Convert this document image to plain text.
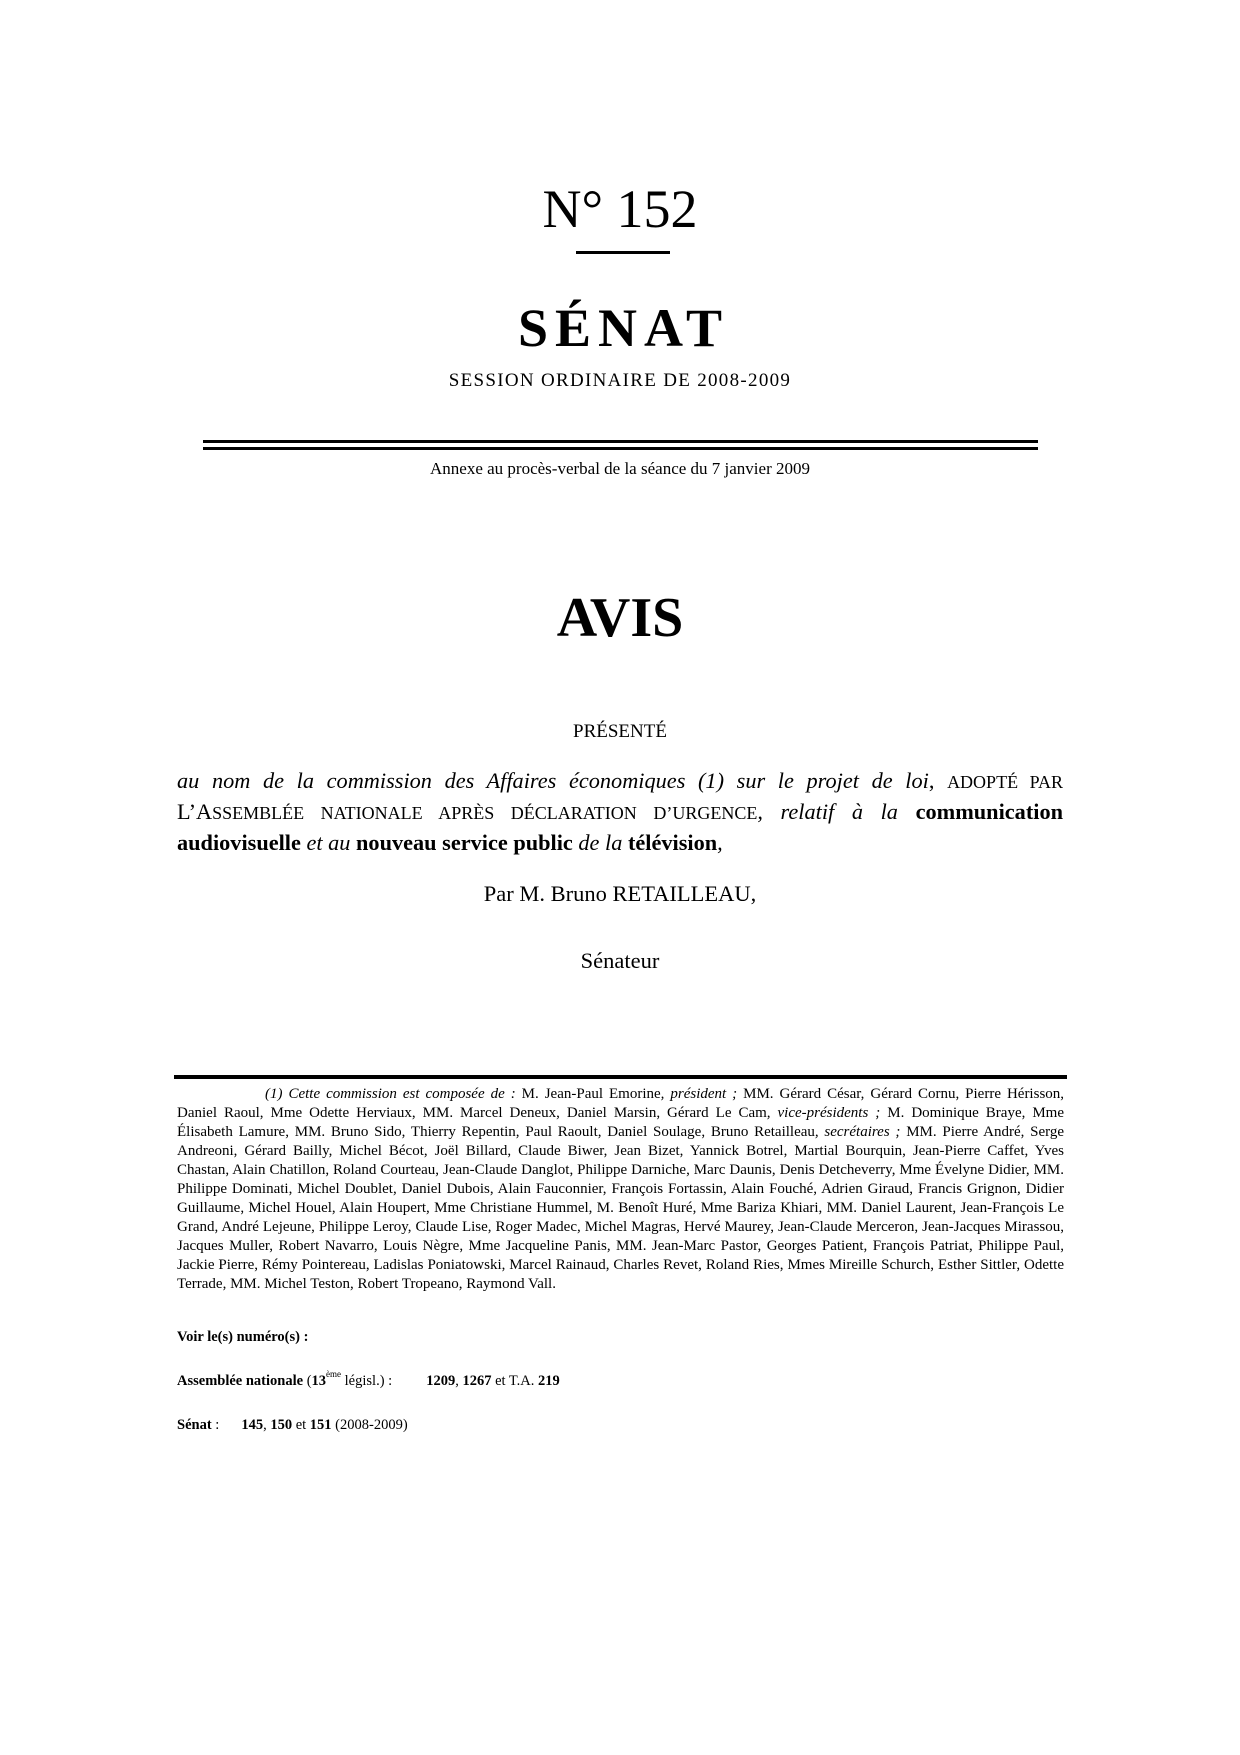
N° 152
SÉNAT
SESSION ORDINAIRE DE 2008-2009
Annexe au procès-verbal de la séance du 7 janvier 2009
AVIS
PRÉSENTÉ
au nom de la commission des Affaires économiques (1) sur le projet de loi, ADOPTÉ PAR L’ASSEMBLÉE NATIONALE APRÈS DÉCLARATION D’URGENCE, relatif à la communication audiovisuelle et au nouveau service public de la télévision,
Par M. Bruno RETAILLEAU,
Sénateur
(1) Cette commission est composée de : M. Jean-Paul Emorine, président ; MM. Gérard César, Gérard Cornu, Pierre Hérisson, Daniel Raoul, Mme Odette Herviaux, MM. Marcel Deneux, Daniel Marsin, Gérard Le Cam, vice-présidents ; M. Dominique Braye, Mme Élisabeth Lamure, MM. Bruno Sido, Thierry Repentin, Paul Raoult, Daniel Soulage, Bruno Retailleau, secrétaires ; MM. Pierre André, Serge Andreoni, Gérard Bailly, Michel Bécot, Joël Billard, Claude Biwer, Jean Bizet, Yannick Botrel, Martial Bourquin, Jean-Pierre Caffet, Yves Chastan, Alain Chatillon, Roland Courteau, Jean-Claude Danglot, Philippe Darniche, Marc Daunis, Denis Detcheverry, Mme Évelyne Didier, MM. Philippe Dominati, Michel Doublet, Daniel Dubois, Alain Fauconnier, François Fortassin, Alain Fouché, Adrien Giraud, Francis Grignon, Didier Guillaume, Michel Houel, Alain Houpert, Mme Christiane Hummel, M. Benoît Huré, Mme Bariza Khiari, MM. Daniel Laurent, Jean-François Le Grand, André Lejeune, Philippe Leroy, Claude Lise, Roger Madec, Michel Magras, Hervé Maurey, Jean-Claude Merceron, Jean-Jacques Mirassou, Jacques Muller, Robert Navarro, Louis Nègre, Mme Jacqueline Panis, MM. Jean-Marc Pastor, Georges Patient, François Patriat, Philippe Paul, Jackie Pierre, Rémy Pointereau, Ladislas Poniatowski, Marcel Rainaud, Charles Revet, Roland Ries, Mmes Mireille Schurch, Esther Sittler, Odette Terrade, MM. Michel Teston, Robert Tropeano, Raymond Vall.
Voir le(s) numéro(s) :
Assemblée nationale (13ème législ.) : 1209, 1267 et T.A. 219
Sénat : 145, 150 et 151 (2008-2009)
